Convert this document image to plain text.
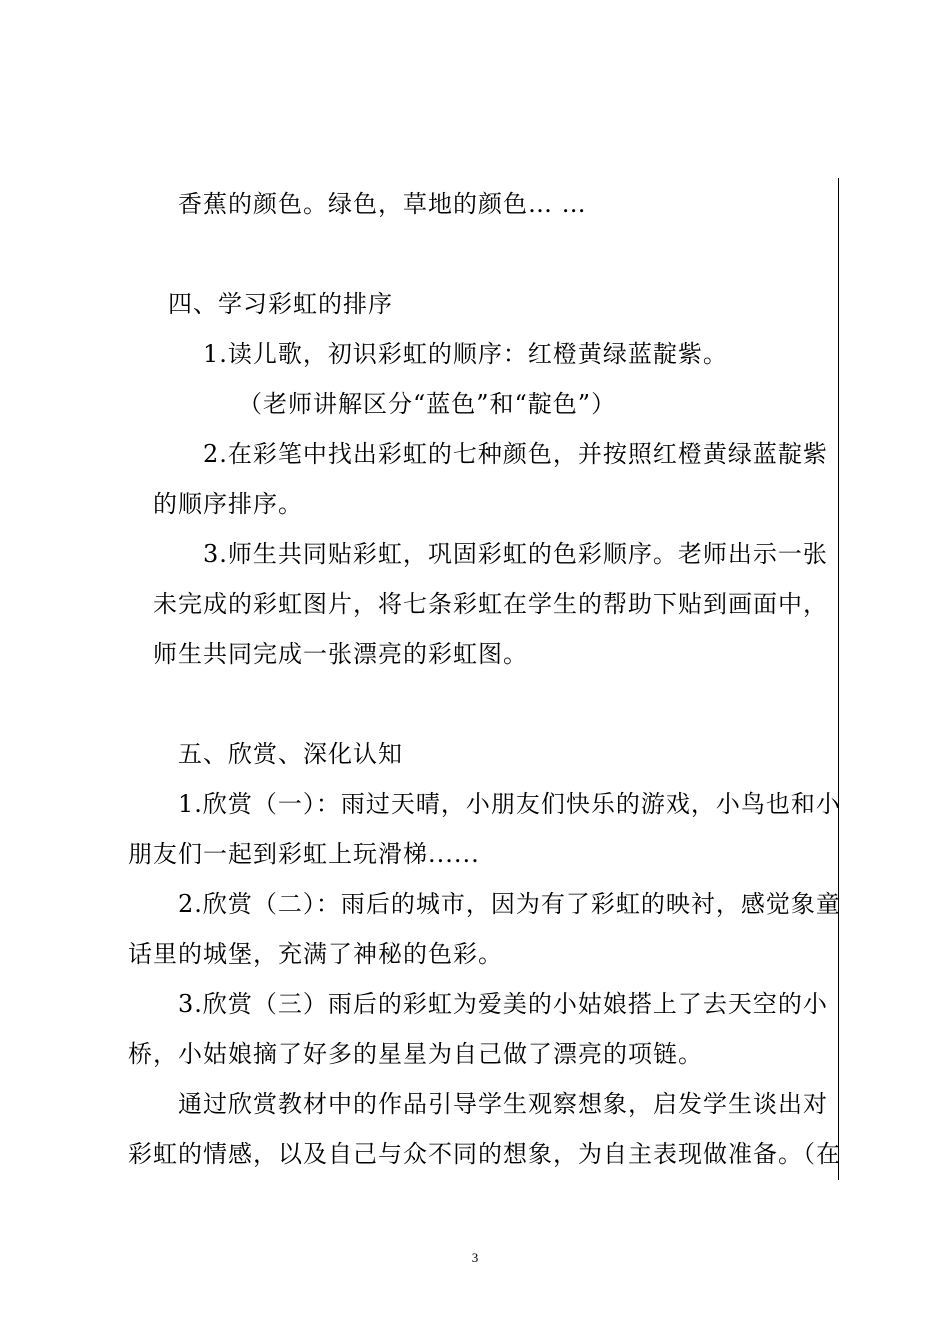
香蕉的颜色。绿色，草地的颜色… …
四、学习彩虹的排序
1.读儿歌，初识彩虹的顺序：红橙黄绿蓝靛紫。
（老师讲解区分“蓝色”和“靛色”）
2.在彩笔中找出彩虹的七种颜色，并按照红橙黄绿蓝靛紫
的顺序排序。
3.师生共同贴彩虹，巩固彩虹的色彩顺序。老师出示一张
未完成的彩虹图片，将七条彩虹在学生的帮助下贴到画面中，
师生共同完成一张漂亮的彩虹图。
五、欣赏、深化认知
1.欣赏（一）：雨过天晴，小朋友们快乐的游戏，小鸟也和小
朋友们一起到彩虹上玩滑梯......
2.欣赏（二）：雨后的城市，因为有了彩虹的映衬，感觉象童
话里的城堡，充满了神秘的色彩。
3.欣赏（三）雨后的彩虹为爱美的小姑娘搭上了去天空的小
桥，小姑娘摘了好多的星星为自己做了漂亮的项链。
通过欣赏教材中的作品引导学生观察想象，启发学生谈出对
彩虹的情感，以及自己与众不同的想象，为自主表现做准备。（在
3
